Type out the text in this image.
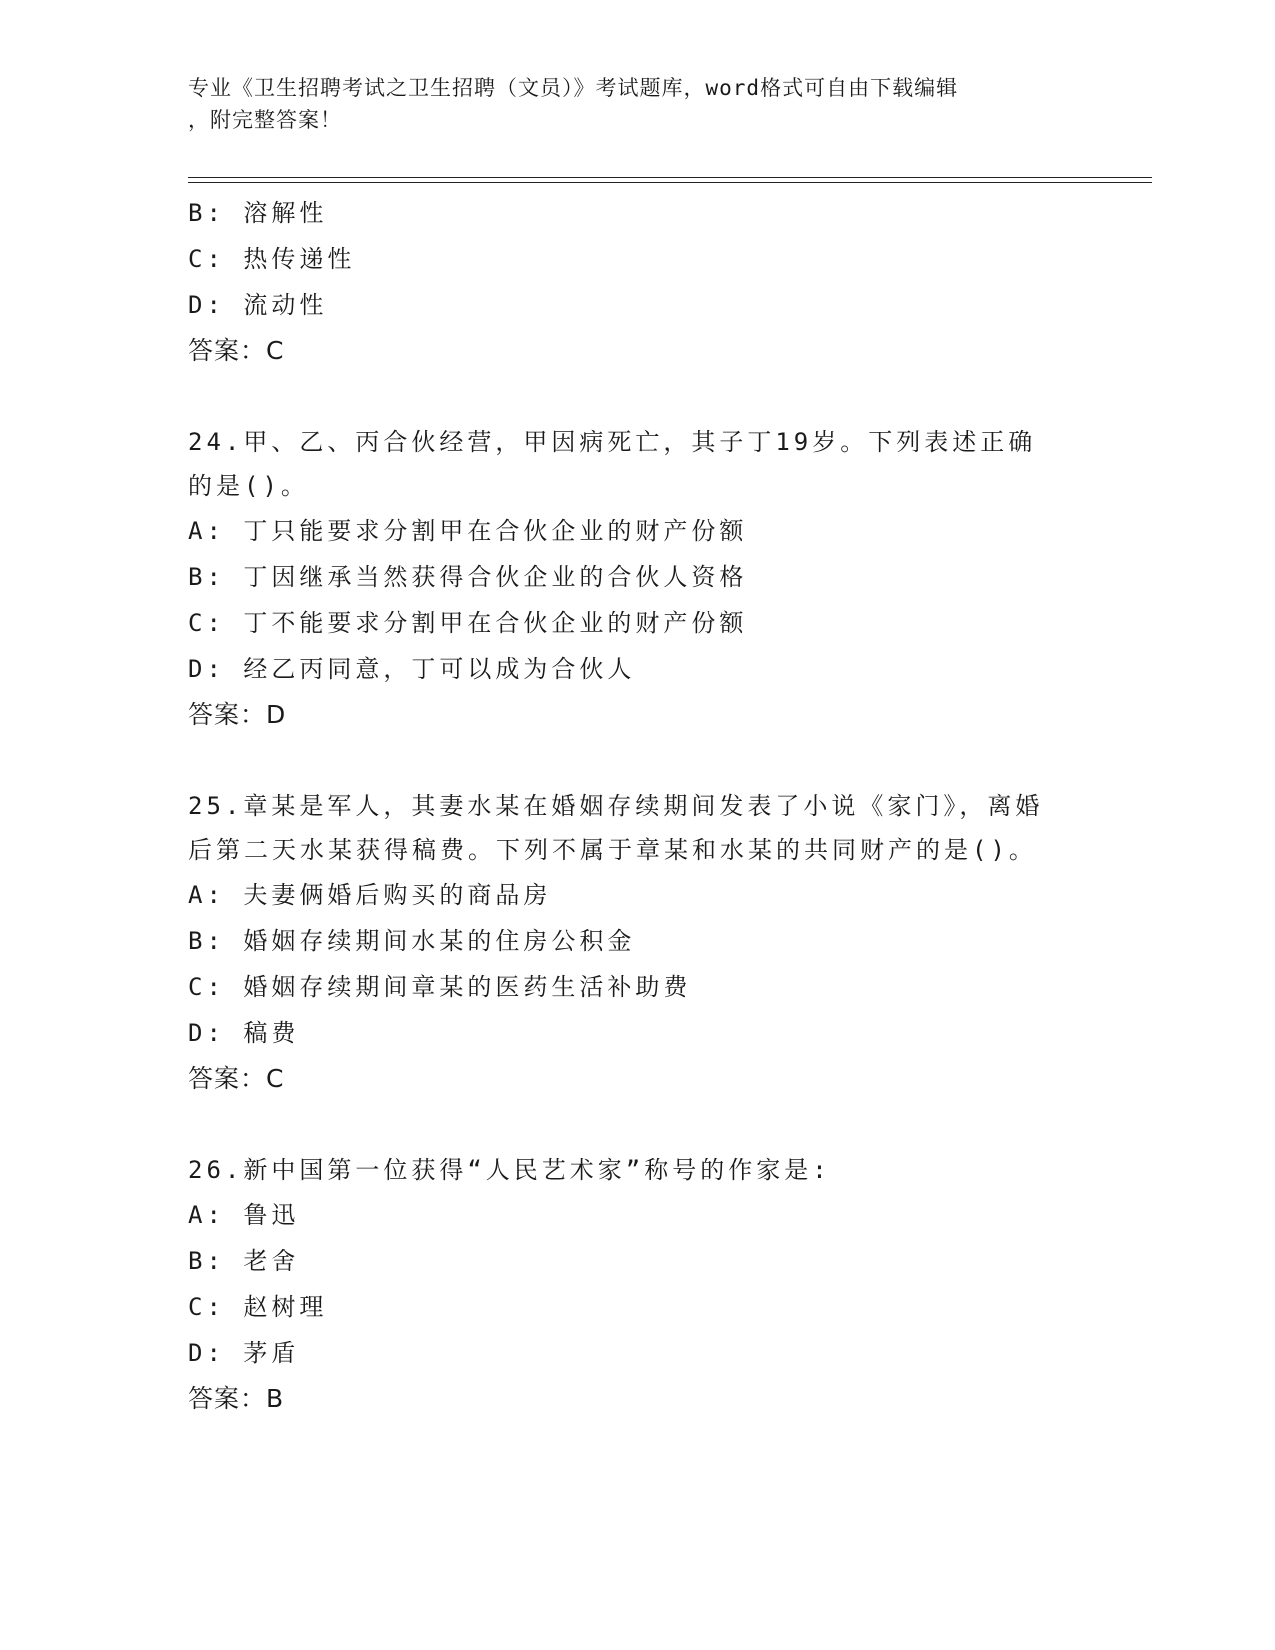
专业《卫生招聘考试之卫生招聘（文员）》考试题库，word格式可自由下载编辑
，附完整答案！
B: 溶解性
C: 热传递性
D: 流动性
答案：C
24.甲、乙、丙合伙经营，甲因病死亡，其子丁19岁。下列表述正确
的是()。
A: 丁只能要求分割甲在合伙企业的财产份额
B: 丁因继承当然获得合伙企业的合伙人资格
C: 丁不能要求分割甲在合伙企业的财产份额
D: 经乙丙同意，丁可以成为合伙人
答案：D
25.章某是军人，其妻水某在婚姻存续期间发表了小说《家门》，离婚
后第二天水某获得稿费。下列不属于章某和水某的共同财产的是()。
A: 夫妻俩婚后购买的商品房
B: 婚姻存续期间水某的住房公积金
C: 婚姻存续期间章某的医药生活补助费
D: 稿费
答案：C
26.新中国第一位获得“人民艺术家”称号的作家是:
A: 鲁迅
B: 老舍
C: 赵树理
D: 茅盾
答案：B
